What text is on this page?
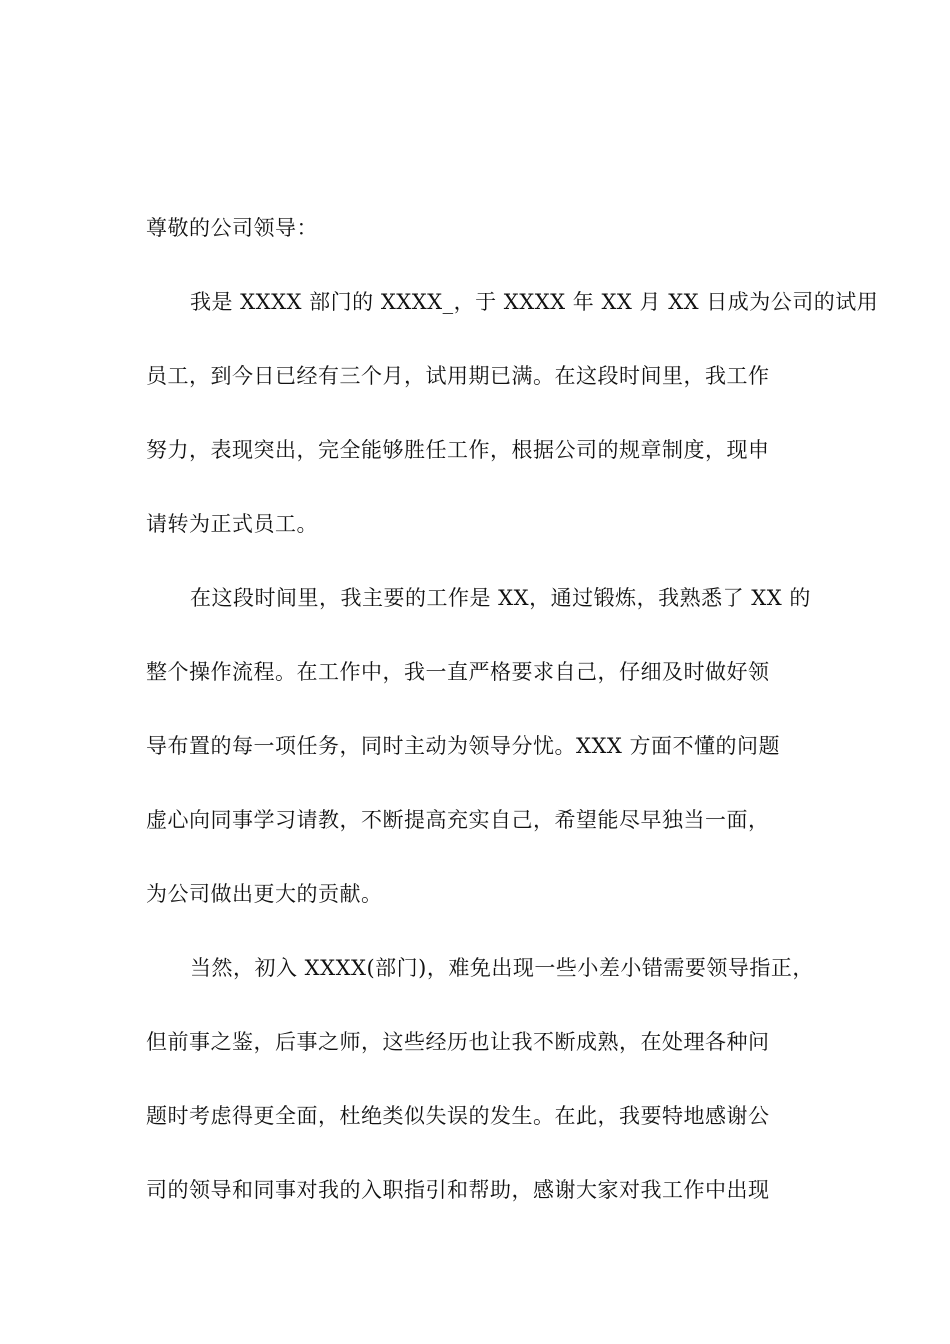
尊敬的公司领导：
我是 XXXX 部门的 XXXX_，于 XXXX 年 XX 月 XX 日成为公司的试用
员工，到今日已经有三个月，试用期已满。在这段时间里，我工作
努力，表现突出，完全能够胜任工作，根据公司的规章制度，现申
请转为正式员工。
在这段时间里，我主要的工作是 XX，通过锻炼，我熟悉了 XX 的
整个操作流程。在工作中，我一直严格要求自己，仔细及时做好领
导布置的每一项任务，同时主动为领导分忧。XXX 方面不懂的问题
虚心向同事学习请教，不断提高充实自己，希望能尽早独当一面，
为公司做出更大的贡献。
当然，初入 XXXX(部门)，难免出现一些小差小错需要领导指正，
但前事之鉴，后事之师，这些经历也让我不断成熟，在处理各种问
题时考虑得更全面，杜绝类似失误的发生。在此，我要特地感谢公
司的领导和同事对我的入职指引和帮助，感谢大家对我工作中出现
